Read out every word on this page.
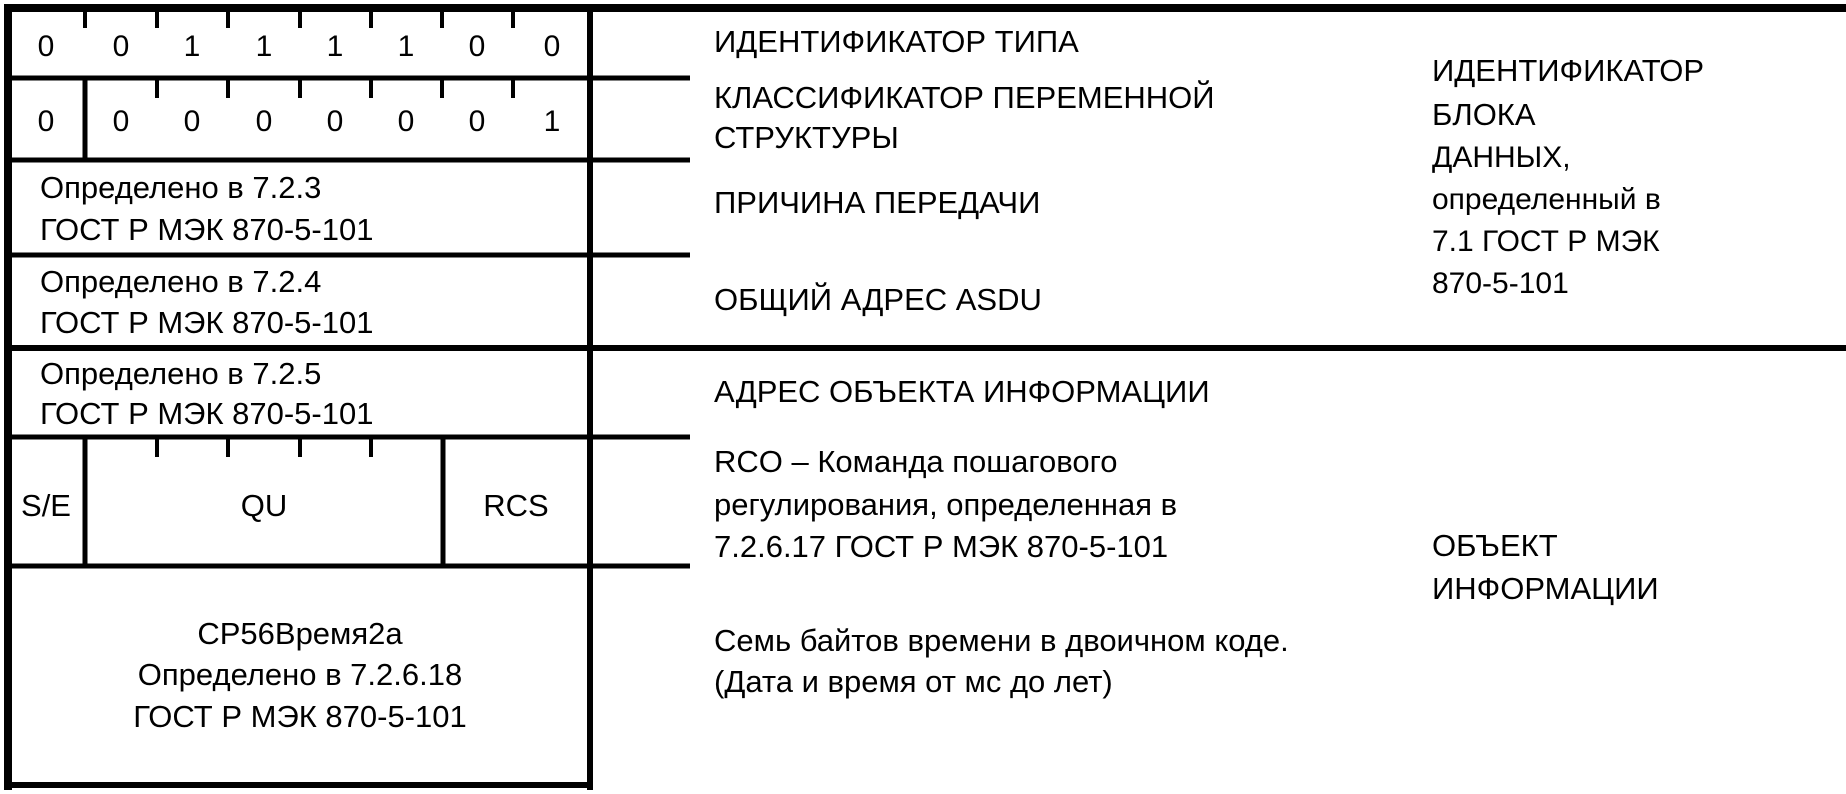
0 0 1 1 1 1 0 0
0 0 0 0 0 0 0 1
Определено в 7.2.3
ГОСТ Р МЭК 870-5-101
Определено в 7.2.4
ГОСТ Р МЭК 870-5-101
Определено в 7.2.5
ГОСТ Р МЭК 870-5-101
S/E	QU	RCS
CP56Время2а
Определено в 7.2.6.18
ГОСТ Р МЭК 870-5-101
ИДЕНТИФИКАТОР ТИПА
КЛАССИФИКАТОР ПЕРЕМЕННОЙ
СТРУКТУРЫ
ПРИЧИНА ПЕРЕДАЧИ
ОБЩИЙ АДРЕС ASDU
АДРЕС ОБЪЕКТА ИНФОРМАЦИИ
RCO – Команда пошагового
регулирования, определенная в
7.2.6.17 ГОСТ Р МЭК 870-5-101
Семь байтов времени в двоичном коде.
(Дата и время от мс до лет)
ИДЕНТИФИКАТОР
БЛОКА
ДАННЫХ,
определенный в
7.1 ГОСТ Р МЭК
870-5-101
ОБЪЕКТ
ИНФОРМАЦИИ
